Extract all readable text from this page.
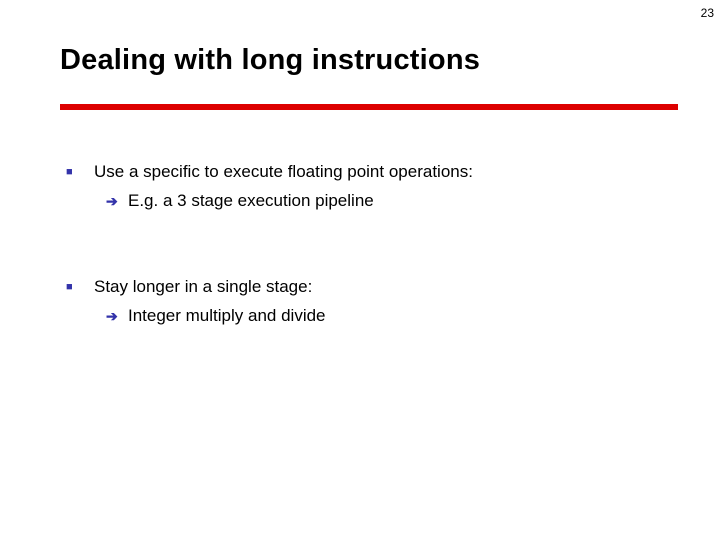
23
Dealing with long instructions
■ Use a specific to execute floating point operations:
➔ E.g. a 3 stage execution pipeline
■ Stay longer in a single stage:
➔ Integer multiply and divide
